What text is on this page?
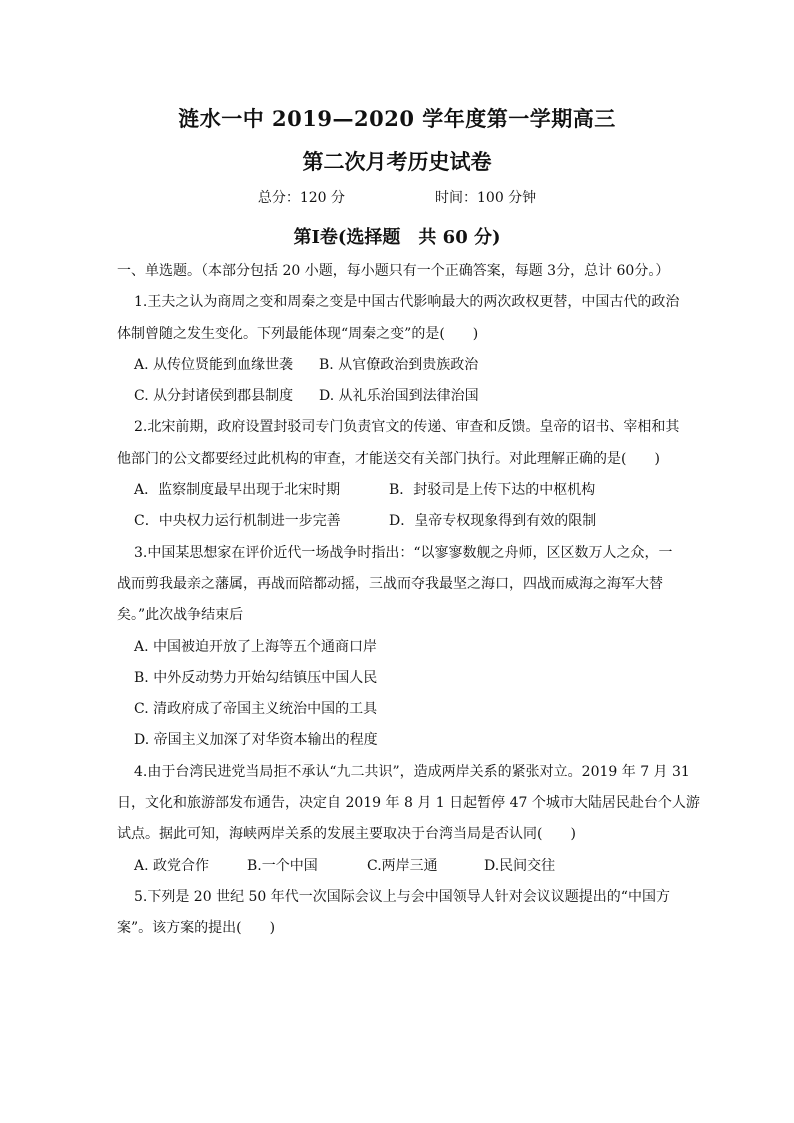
涟水一中 2019—2020 学年度第一学期高三
第二次月考历史试卷
总分：120 分	时间：100 分钟
第Ⅰ卷(选择题　共 60 分)
一、单选题。（本部分包括 20 小题，每小题只有一个正确答案，每题 3分，总计 60分。）
1.王夫之认为商周之变和周秦之变是中国古代影响最大的两次政权更替，中国古代的政治
体制曾随之发生变化。下列最能体现“周秦之变”的是(　　)
A. 从传位贤能到血缘世袭	B. 从官僚政治到贵族政治
C. 从分封诸侯到郡县制度	D. 从礼乐治国到法律治国
2.北宋前期，政府设置封驳司专门负责官文的传递、审查和反馈。皇帝的诏书、宰相和其
他部门的公文都要经过此机构的审查，才能送交有关部门执行。对此理解正确的是(　　)
A．监察制度最早出现于北宋时期	B．封驳司是上传下达的中枢机构
C．中央权力运行机制进一步完善	D．皇帝专权现象得到有效的限制
3.中国某思想家在评价近代一场战争时指出：“以寥寥数舰之舟师，区区数万人之众，一
战而剪我最亲之藩属，再战而陪都动摇，三战而夺我最坚之海口，四战而威海之海军大替
矣。”此次战争结束后
A. 中国被迫开放了上海等五个通商口岸
B. 中外反动势力开始勾结镇压中国人民
C. 清政府成了帝国主义统治中国的工具
D. 帝国主义加深了对华资本输出的程度
4.由于台湾民进党当局拒不承认“九二共识”，造成两岸关系的紧张对立。2019 年 7 月 31
日，文化和旅游部发布通告，决定自 2019 年 8 月 1 日起暂停 47 个城市大陆居民赴台个人游
试点。据此可知，海峡两岸关系的发展主要取决于台湾当局是否认同(　　)
A. 政党合作	B.一个中国	C.两岸三通	D.民间交往
5.下列是 20 世纪 50 年代一次国际会议上与会中国领导人针对会议议题提出的“中国方
案”。该方案的提出(　　)
